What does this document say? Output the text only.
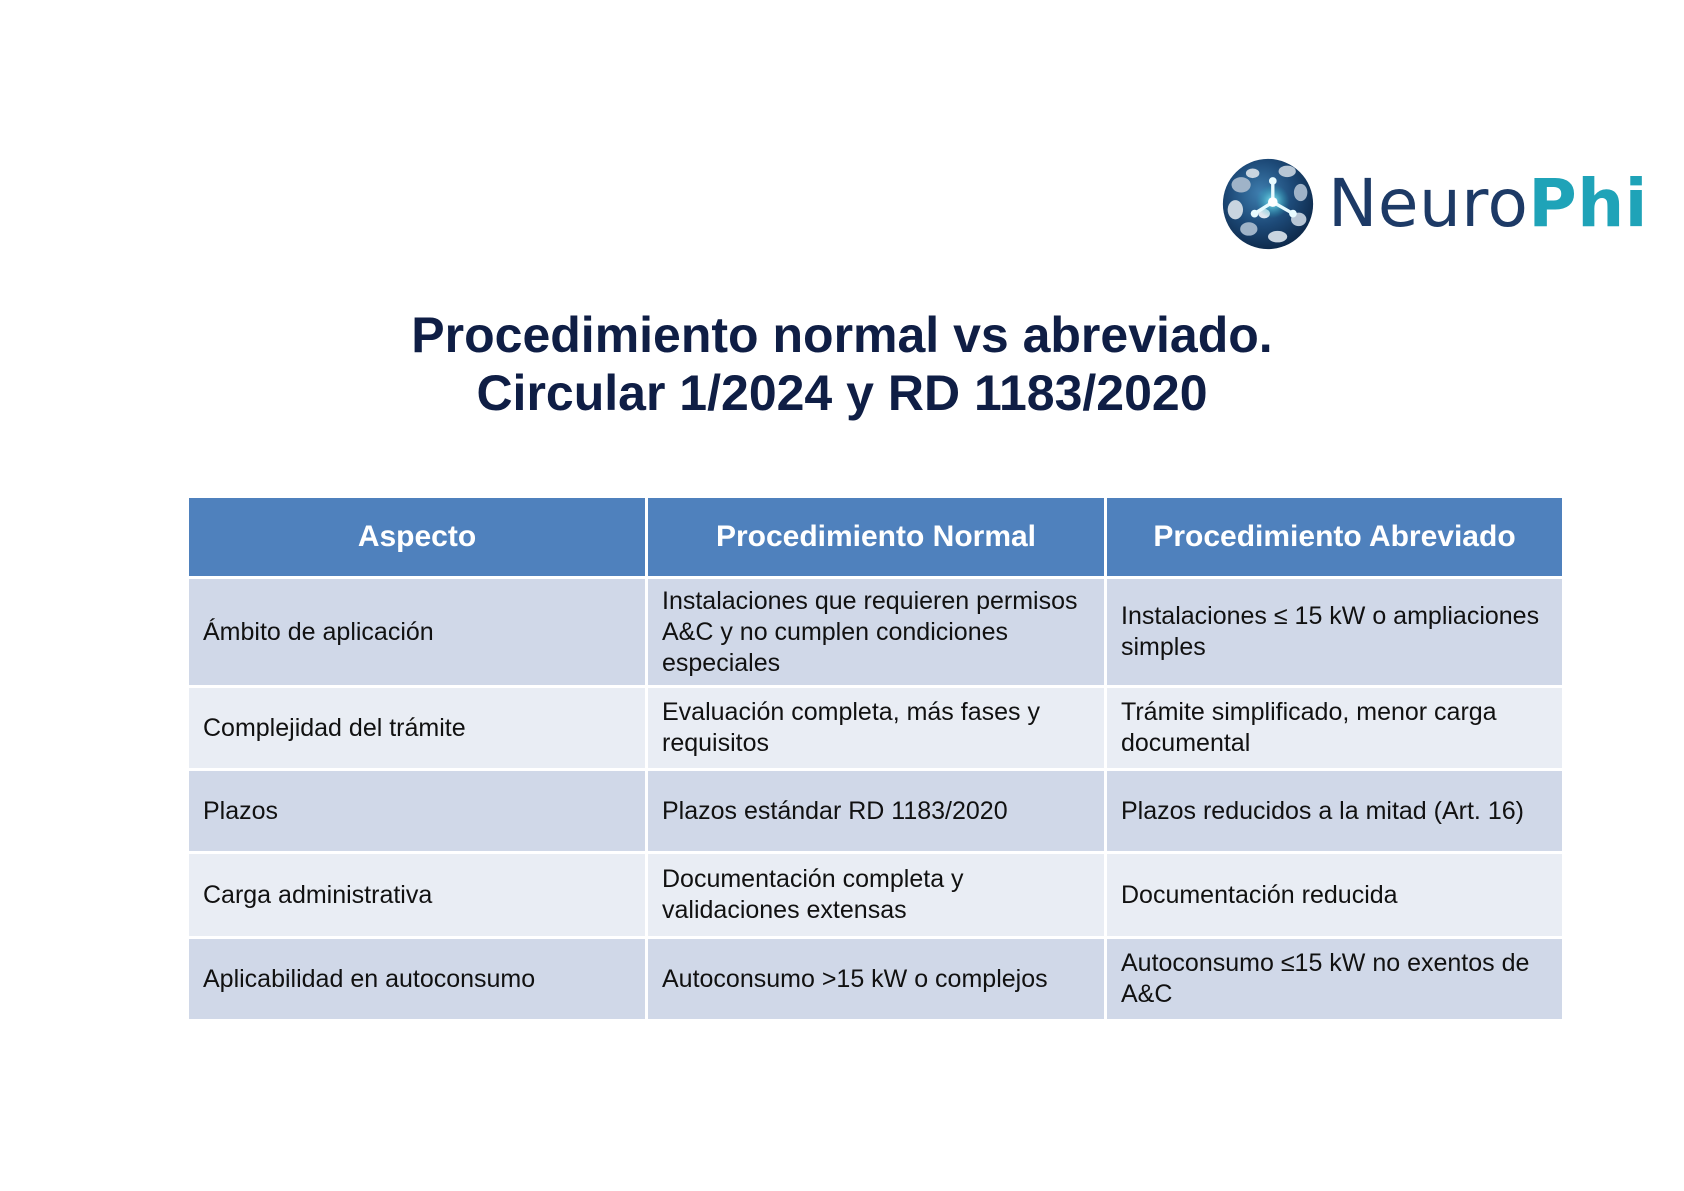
NeuroPhi
Procedimiento normal vs abreviado.
Circular 1/2024 y RD 1183/2020
Aspecto	Procedimiento Normal	Procedimiento Abreviado
Ámbito de aplicación	Instalaciones que requieren permisos A&C y no cumplen condiciones especiales	Instalaciones ≤ 15 kW o ampliaciones simples
Complejidad del trámite	Evaluación completa, más fases y requisitos	Trámite simplificado, menor carga documental
Plazos	Plazos estándar RD 1183/2020	Plazos reducidos a la mitad (Art. 16)
Carga administrativa	Documentación completa y validaciones extensas	Documentación reducida
Aplicabilidad en autoconsumo	Autoconsumo >15 kW o complejos	Autoconsumo ≤15 kW no exentos de A&C
